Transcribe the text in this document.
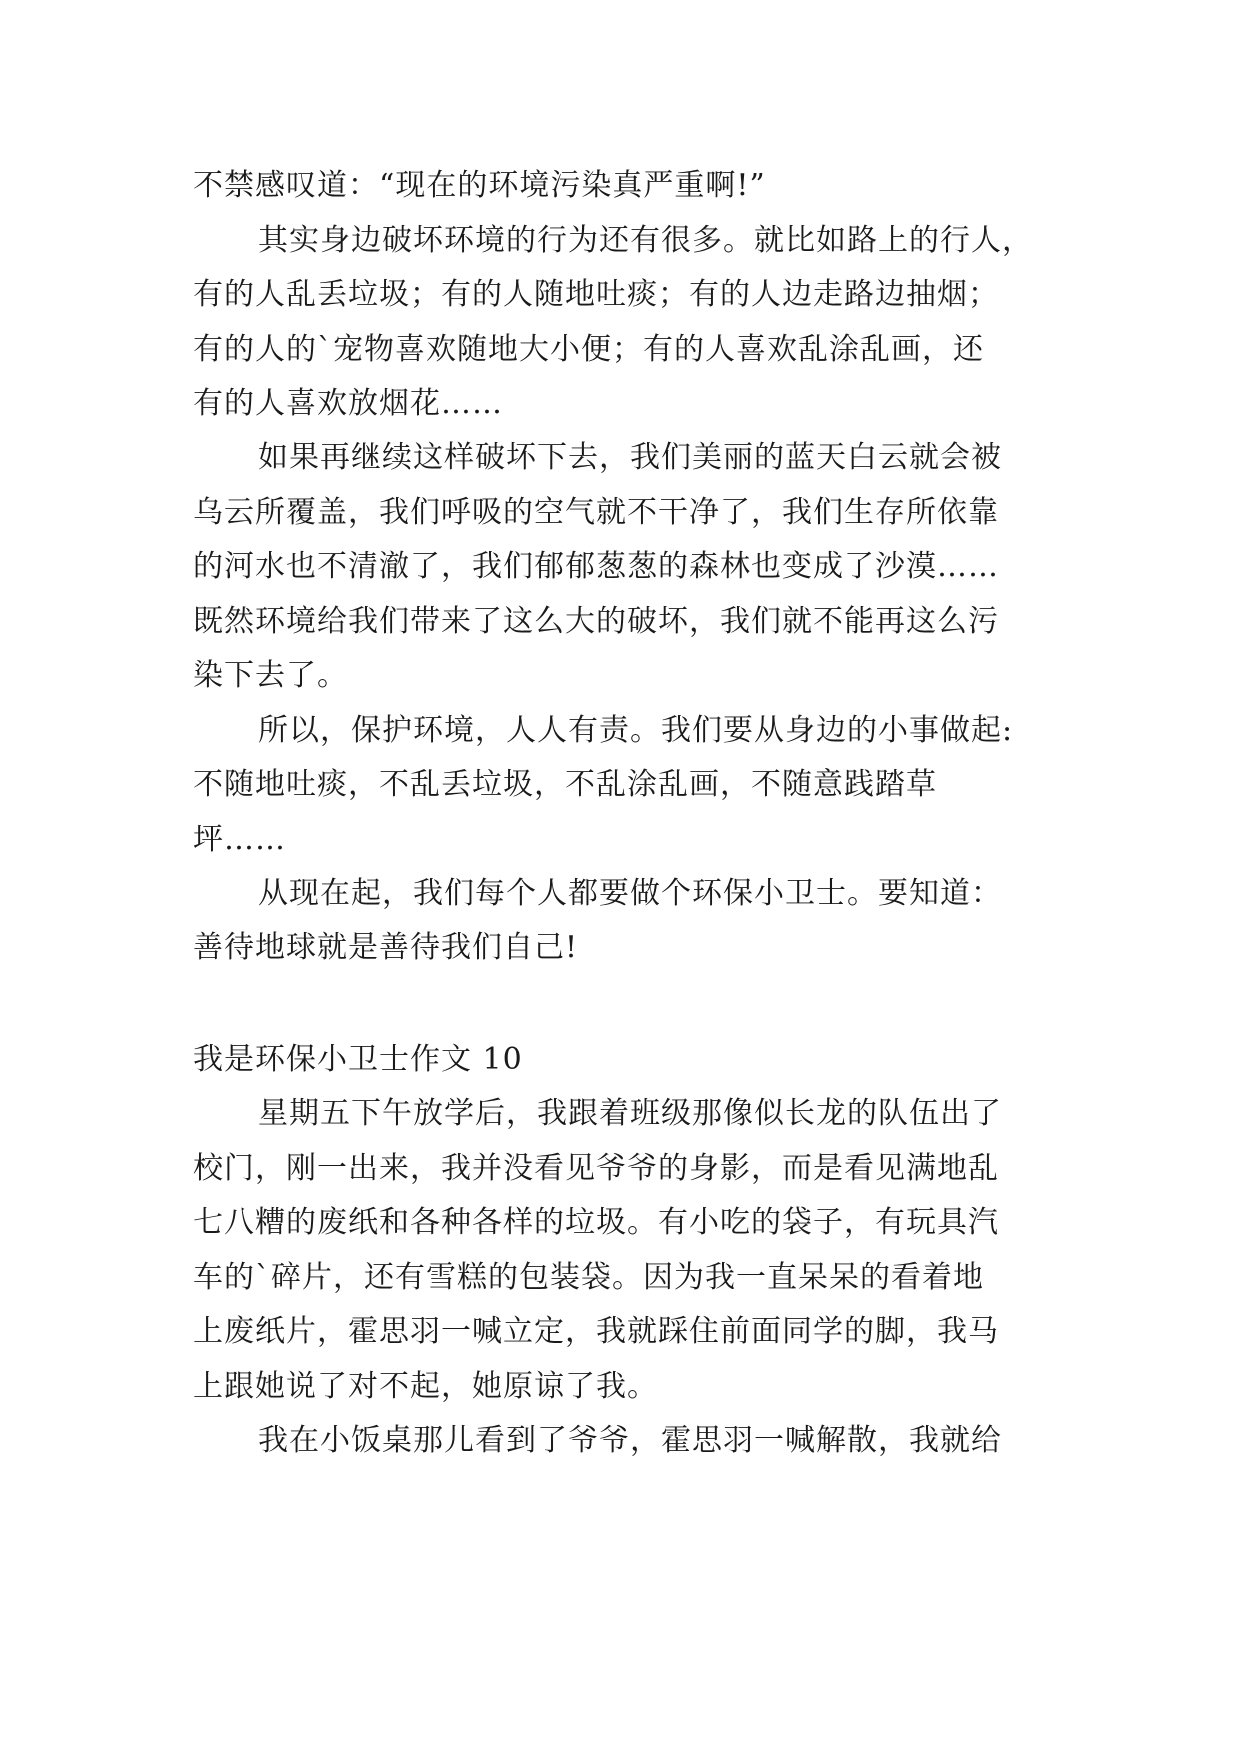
不禁感叹道：“现在的环境污染真严重啊!”

其实身边破坏环境的行为还有很多。就比如路上的行人，

有的人乱丢垃圾；有的人随地吐痰；有的人边走路边抽烟；

有的人的`宠物喜欢随地大小便；有的人喜欢乱涂乱画，还

有的人喜欢放烟花……

如果再继续这样破坏下去，我们美丽的蓝天白云就会被

乌云所覆盖，我们呼吸的空气就不干净了，我们生存所依靠

的河水也不清澈了，我们郁郁葱葱的森林也变成了沙漠……

既然环境给我们带来了这么大的破坏，我们就不能再这么污

染下去了。

所以，保护环境，人人有责。我们要从身边的小事做起:

不随地吐痰，不乱丢垃圾，不乱涂乱画，不随意践踏草

坪……

从现在起，我们每个人都要做个环保小卫士。要知道：

善待地球就是善待我们自己!

我是环保小卫士作文 10

星期五下午放学后，我跟着班级那像似长龙的队伍出了

校门，刚一出来，我并没看见爷爷的身影，而是看见满地乱

七八糟的废纸和各种各样的垃圾。有小吃的袋子，有玩具汽

车的`碎片，还有雪糕的包装袋。因为我一直呆呆的看着地

上废纸片，霍思羽一喊立定，我就踩住前面同学的脚，我马

上跟她说了对不起，她原谅了我。

我在小饭桌那儿看到了爷爷，霍思羽一喊解散，我就给
